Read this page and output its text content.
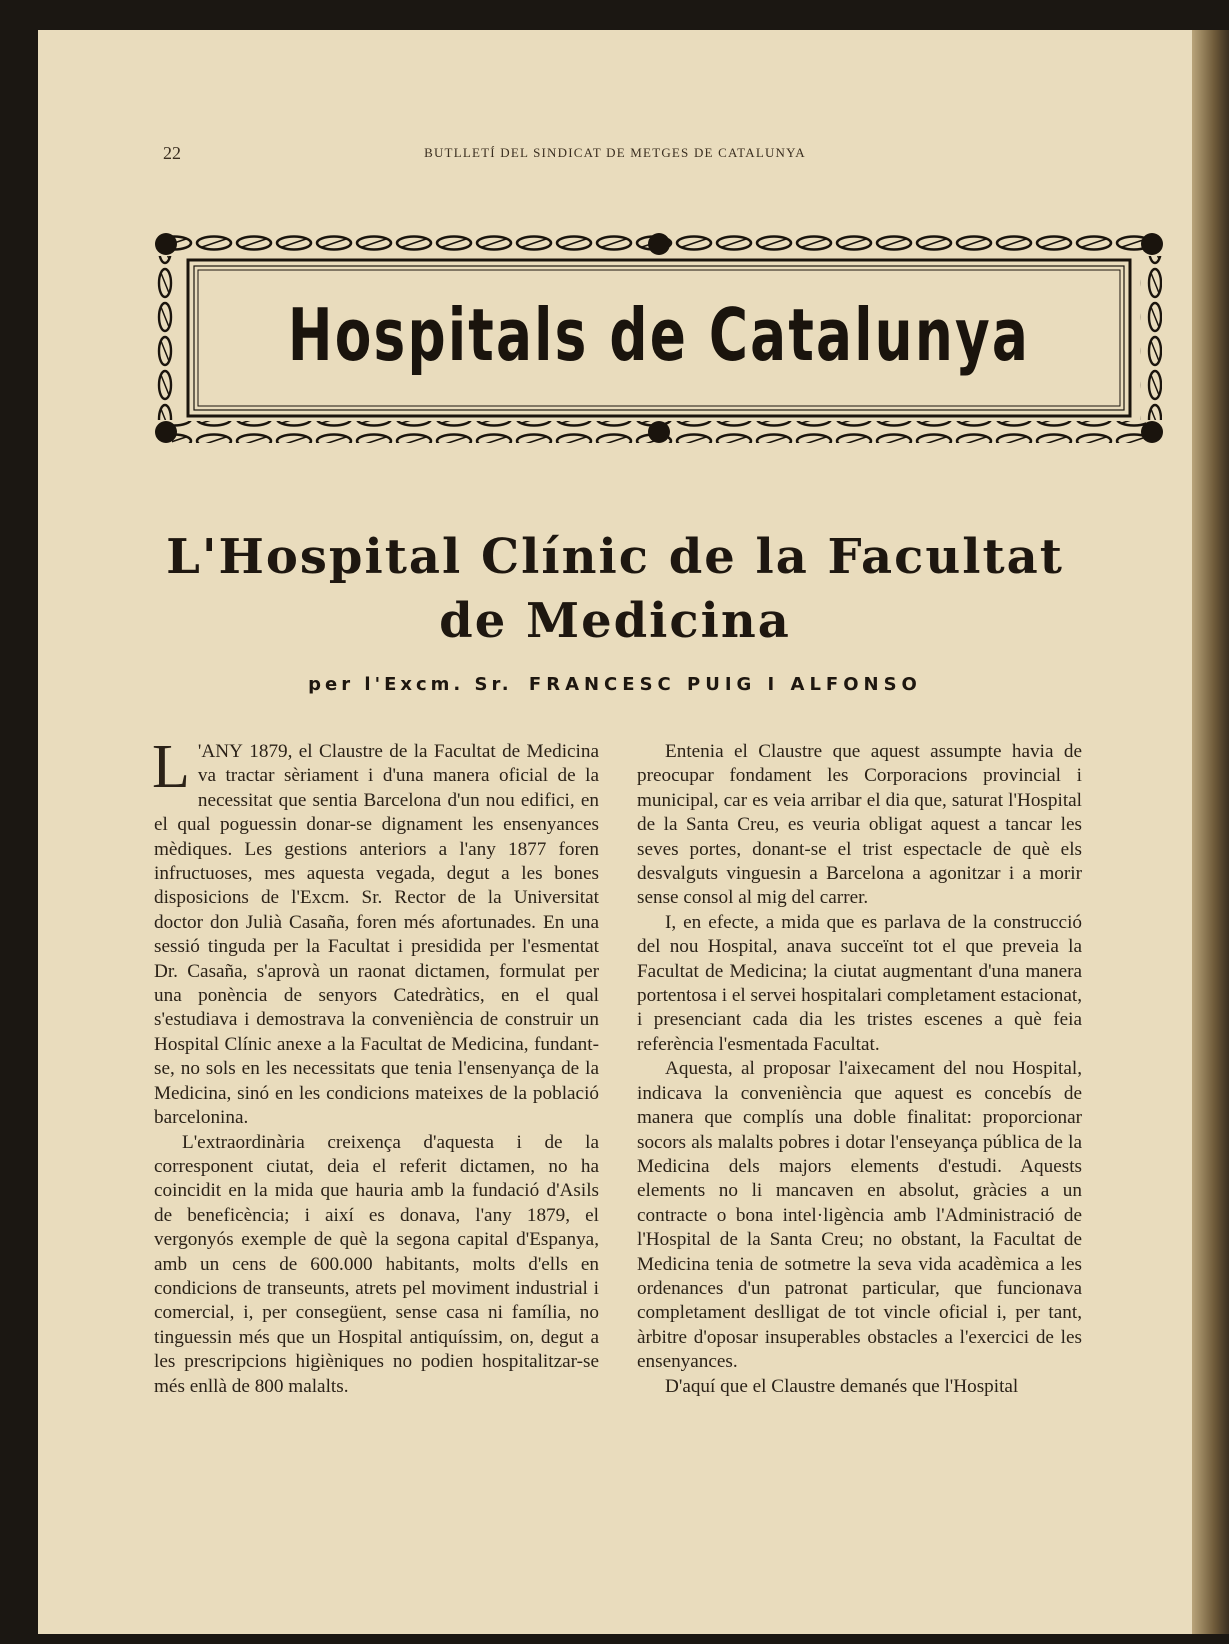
22	BUTLLETÍ DEL SINDICAT DE METGES DE CATALUNYA
Hospitals de Catalunya
L'Hospital Clínic de la Facultat
de Medicina
per l'Excm. Sr. FRANCESC PUIG I ALFONSO

L 'ANY 1879, el Claustre de la Facultat de Medicina va tractar sèriament i d'una manera oficial de la necessitat que sentia Barcelona d'un nou edifici, en el qual poguessin donar-se dignament les ensenyances mèdiques. Les gestions anteriors a l'any 1877 foren infructuoses, mes aquesta vegada, degut a les bones disposicions de l'Excm. Sr. Rector de la Universitat doctor don Julià Casaña, foren més afortunades. En una sessió tinguda per la Facultat i presidida per l'esmentat Dr. Casaña, s'aprovà un raonat dictamen, formulat per una ponència de senyors Catedràtics, en el qual s'estudiava i demostrava la conveniència de construir un Hospital Clínic anexe a la Facultat de Medicina, fundant-se, no sols en les necessitats que tenia l'ensenyança de la Medicina, sinó en les condicions mateixes de la població barcelonina.

L'extraordinària creixença d'aquesta i de la corresponent ciutat, deia el referit dictamen, no ha coincidit en la mida que hauria amb la fundació d'Asils de beneficència; i així es donava, l'any 1879, el vergonyós exemple de què la segona capital d'Espanya, amb un cens de 600.000 habitants, molts d'ells en condicions de transeunts, atrets pel moviment industrial i comercial, i, per consegüent, sense casa ni família, no tinguessin més que un Hospital antiquíssim, on, degut a les prescripcions higièniques no podien hospitalitzar-se més enllà de 800 malalts.

Entenia el Claustre que aquest assumpte havia de preocupar fondament les Corporacions provincial i municipal, car es veia arribar el dia que, saturat l'Hospital de la Santa Creu, es veuria obligat aquest a tancar les seves portes, donant-se el trist espectacle de què els desvalguts vinguesin a Barcelona a agonitzar i a morir sense consol al mig del carrer.

I, en efecte, a mida que es parlava de la construcció del nou Hospital, anava succeïnt tot el que preveia la Facultat de Medicina; la ciutat augmentant d'una manera portentosa i el servei hospitalari completament estacionat, i presenciant cada dia les tristes escenes a què feia referència l'esmentada Facultat.

Aquesta, al proposar l'aixecament del nou Hospital, indicava la conveniència que aquest es concebís de manera que complís una doble finalitat: proporcionar socors als malalts pobres i dotar l'enseyança pública de la Medicina dels majors elements d'estudi. Aquests elements no li mancaven en absolut, gràcies a un contracte o bona intel·ligència amb l'Administració de l'Hospital de la Santa Creu; no obstant, la Facultat de Medicina tenia de sotmetre la seva vida acadèmica a les ordenances d'un patronat particular, que funcionava completament deslligat de tot vincle oficial i, per tant, àrbitre d'oposar insuperables obstacles a l'exercici de les ensenyances.

D'aquí que el Claustre demanés que l'Hospital
